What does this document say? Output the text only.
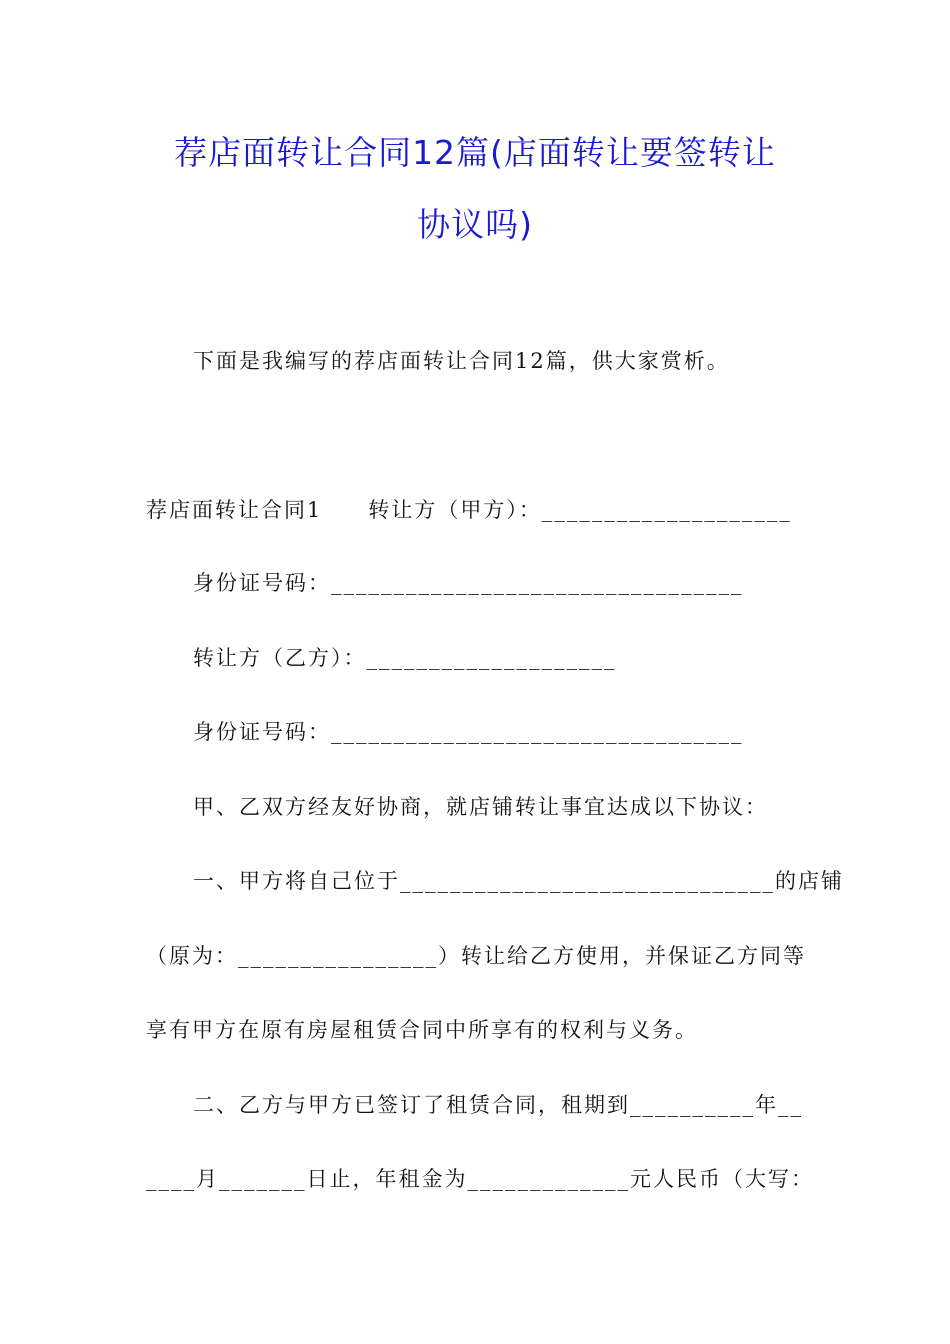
荐店面转让合同12篇(店面转让要签转让
协议吗)
下面是我编写的荐店面转让合同12篇，供大家赏析。
荐店面转让合同1　　转让方（甲方）：____________________
身份证号码：_________________________________
转让方（乙方）：____________________
身份证号码：_________________________________
甲、乙双方经友好协商，就店铺转让事宜达成以下协议：
一、甲方将自己位于______________________________的店铺
（原为：________________）转让给乙方使用，并保证乙方同等
享有甲方在原有房屋租赁合同中所享有的权利与义务。
二、乙方与甲方已签订了租赁合同，租期到__________年__
____月_______日止，年租金为_____________元人民币（大写：
